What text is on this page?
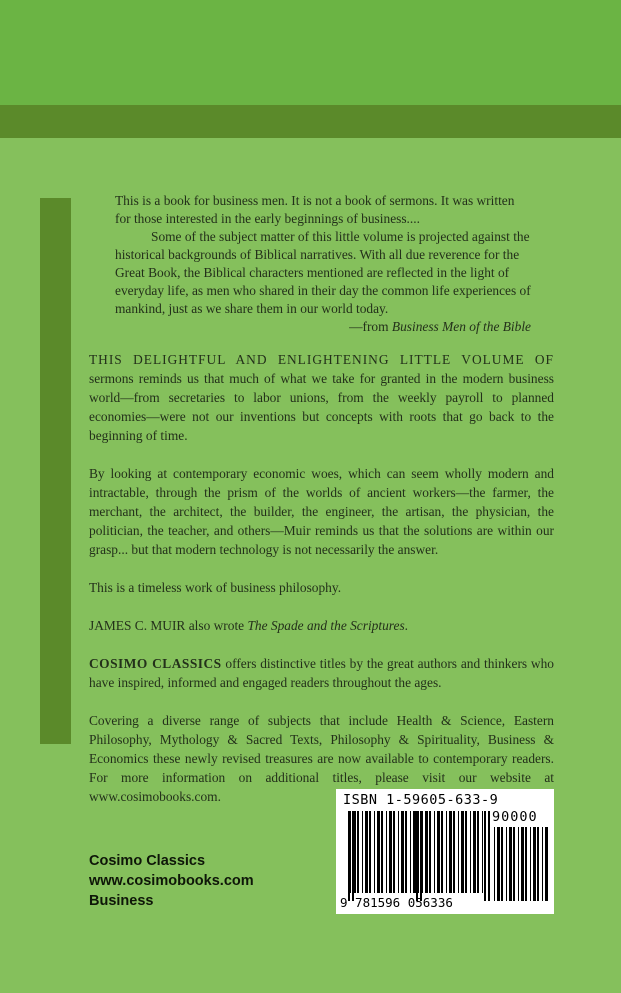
This is a book for business men. It is not a book of sermons. It was written for those interested in the early beginnings of business....

Some of the subject matter of this little volume is projected against the historical backgrounds of Biblical narratives. With all due reverence for the Great Book, the Biblical characters mentioned are reflected in the light of everyday life, as men who shared in their day the common life experiences of mankind, just as we share them in our world today.

—from Business Men of the Bible

THIS DELIGHTFUL AND ENLIGHTENING LITTLE VOLUME OF sermons reminds us that much of what we take for granted in the modern business world—from secretaries to labor unions, from the weekly payroll to planned economies—were not our inventions but concepts with roots that go back to the beginning of time.

By looking at contemporary economic woes, which can seem wholly modern and intractable, through the prism of the worlds of ancient workers—the farmer, the merchant, the architect, the builder, the engineer, the artisan, the physician, the politician, the teacher, and others—Muir reminds us that the solutions are within our grasp... but that modern technology is not necessarily the answer.

This is a timeless work of business philosophy.

JAMES C. MUIR also wrote The Spade and the Scriptures.

COSIMO CLASSICS offers distinctive titles by the great authors and thinkers who have inspired, informed and engaged readers throughout the ages.

Covering a diverse range of subjects that include Health & Science, Eastern Philosophy, Mythology & Sacred Texts, Philosophy & Spirituality, Business & Economics these newly revised treasures are now available to contemporary readers. For more information on additional titles, please visit our website at www.cosimobooks.com.

Cosimo Classics
www.cosimobooks.com
Business
ISBN 1-59605-633-9
90000
9 781596 056336
